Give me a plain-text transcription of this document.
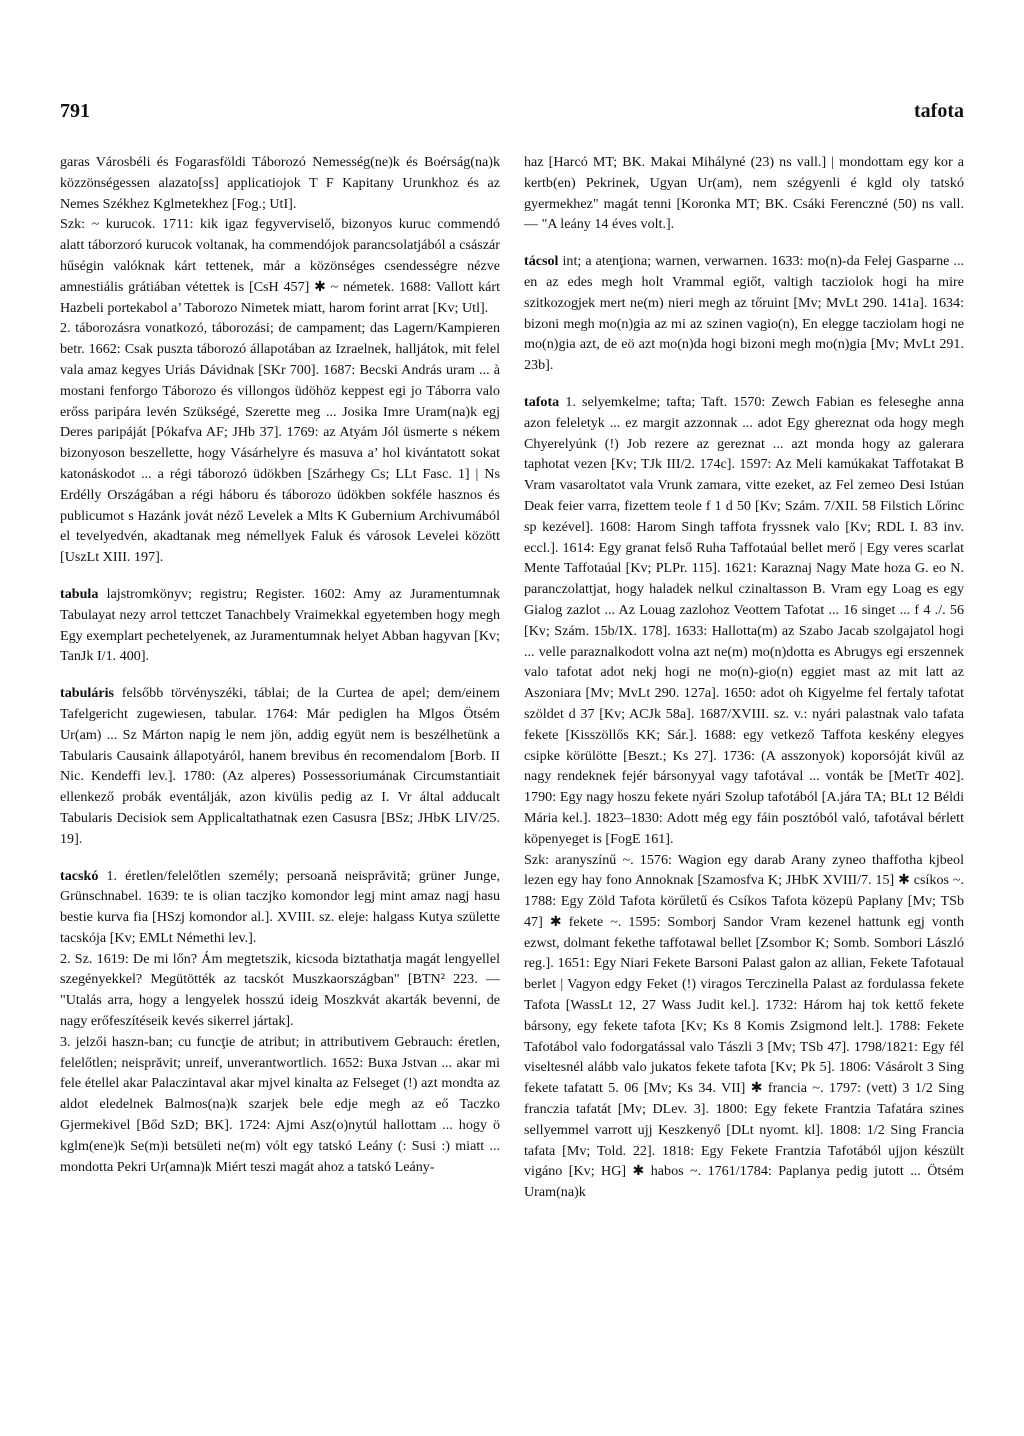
791	tafota

garas Városbéli és Fogarasföldi Táborozó Nemesség(ne)k és Boérság(na)k közzönségessen alazato[ss] applicatiojok T F Kapitany Urunkhoz és az Nemes Székhez Kglmetekhez [Fog.; UtI].

Szk: ~ kurucok. 1711: kik igaz fegyverviselő, bizonyos kuruc commendó alatt táborzoró kurucok voltanak, ha commendójok parancsolatjából a császár hűségin valóknak kárt tettenek, már a közönséges csendességre nézve amnestiális grátiában vétettek is [CsH 457] ✱ ~ németek. 1688: Vallott kárt Hazbeli portekabol a’ Taborozo Nimetek miatt, harom forint arrat [Kv; Utl].

2. táborozásra vonatkozó, táborozási; de campament; das Lagern/Kampieren betr. 1662: Csak puszta táborozó állapotában az Izraelnek, halljátok, mit felel vala amaz kegyes Uriás Dávidnak [SKr 700]. 1687: Becski András uram ... à mostani fenforgo Táborozo és villongos üdöhöz keppest egi jo Táborra valo erőss paripára levén Szükségé, Szerette meg ... Josika Imre Uram(na)k egj Deres paripáját [Pókafva AF; JHb 37]. 1769: az Atyám Jól üsmerte s nékem bizonyoson beszellette, hogy Vásárhelyre és masuva a’ hol kivántatott sokat katonáskodot ... a régi táborozó üdökben [Szárhegy Cs; LLt Fasc. 1] | Ns Erdélly Országában a régi háboru és táborozo üdökben sokféle hasznos és publicumot s Hazánk jovát néző Levelek a Mlts K Gubernium Archivumából el tevelyedvén, akadtanak meg némellyek Faluk és városok Levelei között [UszLt XIII. 197].

tabula lajstromkönyv; registru; Register. 1602: Amy az Juramentumnak Tabulayat nezy arrol tettczet Tanachbely Vraimekkal egyetemben hogy megh Egy exemplart pechetelyenek, az Juramentumnak helyet Abban hagyvan [Kv; TanJk I/1. 400].

tabuláris felsőbb törvényszéki, táblai; de la Curtea de apel; dem/einem Tafelgericht zugewiesen, tabular. 1764: Már pediglen ha Mlgos Ötsém Ur(am) ... Sz Márton napig le nem jön, addig együt nem is beszélhetünk a Tabularis Causaink állapotyáról, hanem brevibus én recomendalom [Borb. II Nic. Kendeffi lev.]. 1780: (Az alperes) Possessoriumának Circumstantiait ellenkező probák eventálják, azon kivülis pedig az I. Vr által adducalt Tabularis Decisiok sem Applicaltathatnak ezen Casusra [BSz; JHbK LIV/25. 19].

tacskó 1. éretlen/felelőtlen személy; persoanǎ neisprăvită; grüner Junge, Grünschnabel. 1639: te is olian taczjko komondor legj mint amaz nagj hasu bestie kurva fia [HSzj komondor al.]. XVIII. sz. eleje: halgass Kutya születte tacskója [Kv; EMLt Némethi lev.].

2. Sz. 1619: De mi lőn? Ám megtetszik, kicsoda biztathatja magát lengyellel szegényekkel? Megütötték az tacskót Muszkaországban" [BTN² 223. — "Utalás arra, hogy a lengyelek hosszú ideig Moszkvát akarták bevenni, de nagy erőfeszítéseik kevés sikerrel jártak].

3. jelzői haszn-ban; cu funcţie de atribut; in attributivem Gebrauch: éretlen, felelőtlen; neisprăvit; unreif, unverantwortlich. 1652: Buxa Jstvan ... akar mi fele étellel akar Palaczintaval akar mjvel kinalta az Felseget (!) azt mondta az aldot eledelnek Balmos(na)k szarjek bele edje megh az eő Taczko Gjermekivel [Bőd SzD; BK]. 1724: Ajmi Asz(o)nytúl hallottam ... hogy ö kglm(ene)k Se(m)i betsületi ne(m) vólt egy tatskó Leány (: Susi :) miatt ... mondotta Pekri Ur(amna)k Miért teszi magát ahoz a tatskó Leány-

haz [Harcó MT; BK. Makai Mihályné (23) ns vall.] | mondottam egy kor a kertb(en) Pekrinek, Ugyan Ur(am), nem szégyenli é kgld oly tatskó gyermekhez" magát tenni [Koronka MT; BK. Csáki Ferenczné (50) ns vall. — "A leány 14 éves volt.].

tácsol int; a atenţiona; warnen, verwarnen. 1633: mo(n)-da Felej Gasparne ... en az edes megh holt Vrammal egiőt, valtigh tacziolok hogi ha mire szitkozogjek mert ne(m) nieri megh az tőruint [Mv; MvLt 290. 141a]. 1634: bizoni megh mo(n)gia az mi az szinen vagio(n), En elegge tacziolam hogi ne mo(n)gia azt, de eö azt mo(n)da hogi bizoni megh mo(n)gia [Mv; MvLt 291. 23b].

tafota 1. selyemkelme; tafta; Taft. 1570: Zewch Fabian es feleseghe anna azon feleletyk ... ez margit azzonnak ... adot Egy ghereznat oda hogy megh Chyerelyúnk (!) Job rezere az gereznat ... azt monda hogy az galerara taphotat vezen [Kv; TJk III/2. 174c]. 1597: Az Meli kamúkakat Taffotakat B Vram vasaroltatot vala Vrunk zamara, vitte ezeket, az Fel zemeo Desi Istúan Deak feier varra, fizettem teole f 1 d 50 [Kv; Szám. 7/XII. 58 Filstich Lőrinc sp kezével]. 1608: Harom Singh taffota fryssnek valo [Kv; RDL I. 83 inv. eccl.]. 1614: Egy granat felső Ruha Taffotaúal bellet merő | Egy veres scarlat Mente Taffotaúal [Kv; PLPr. 115]. 1621: Karaznaj Nagy Mate hoza G. eo N. paranczolattjat, hogy haladek nelkul czinaltasson B. Vram egy Loag es egy Gialog zazlot ... Az Louag zazlohoz Veottem Tafotat ... 16 singet ... f 4 ./. 56 [Kv; Szám. 15b/IX. 178]. 1633: Hallotta(m) az Szabo Jacab szolgajatol hogi ... velle paraznalkodott volna azt ne(m) mo(n)dotta es Abrugys egi erszennek valo tafotat adot nekj hogi ne mo(n)-gio(n) eggiet mast az mit latt az Aszoniara [Mv; MvLt 290. 127a]. 1650: adot oh Kigyelme fel fertaly tafotat szöldet d 37 [Kv; ACJk 58a]. 1687/XVIII. sz. v.: nyári palastnak valo tafata fekete [Kisszöllős KK; Sár.]. 1688: egy vetkező Taffota keskény elegyes csipke körülötte [Beszt.; Ks 27]. 1736: (A asszonyok) koporsóját kivűl az nagy rendeknek fejér bársonyyal vagy tafotával ... vonták be [MetTr 402]. 1790: Egy nagy hoszu fekete nyári Szolup tafotából [A.jára TA; BLt 12 Béldi Mária kel.]. 1823–1830: Adott még egy fáin posztóból való, tafotával bérlett köpenyeget is [FogE 161].

Szk: aranyszínű ~. 1576: Wagion egy darab Arany zyneo thaffotha kjbeol lezen egy hay fono Annoknak [Szamosfva K; JHbK XVIII/7. 15] ✱ csíkos ~. 1788: Egy Zöld Tafota körűletű és Csíkos Tafota közepü Paplany [Mv; TSb 47] ✱ fekete ~. 1595: Somborj Sandor Vram kezenel hattunk egj vonth ezwst, dolmant fekethe taffotawal bellet [Zsombor K; Somb. Sombori László reg.]. 1651: Egy Niari Fekete Barsoni Palast galon az allian, Fekete Tafotaual berlet | Vagyon edgy Feket (!) viragos Terczinella Palast az fordulassa fekete Tafota [WassLt 12, 27 Wass Judit kel.]. 1732: Három haj tok kettő fekete bársony, egy fekete tafota [Kv; Ks 8 Komis Zsigmond lelt.]. 1788: Fekete Tafotábol valo fodorgatással valo Tászli 3 [Mv; TSb 47]. 1798/1821: Egy fél viseltesnél alább valo jukatos fekete tafota [Kv; Pk 5]. 1806: Vásárolt 3 Sing fekete tafatatt 5. 06 [Mv; Ks 34. VII] ✱ francia ~. 1797: (vett) 3 1/2 Sing franczia tafatát [Mv; DLev. 3]. 1800: Egy fekete Frantzia Tafatára szines sellyemmel varrott ujj Keszkenyő [DLt nyomt. kl]. 1808: 1/2 Sing Francia tafata [Mv; Told. 22]. 1818: Egy Fekete Frantzia Tafotából ujjon készült vigáno [Kv; HG] ✱ habos ~. 1761/1784: Paplanya pedig jutott ... Ötsém Uram(na)k
